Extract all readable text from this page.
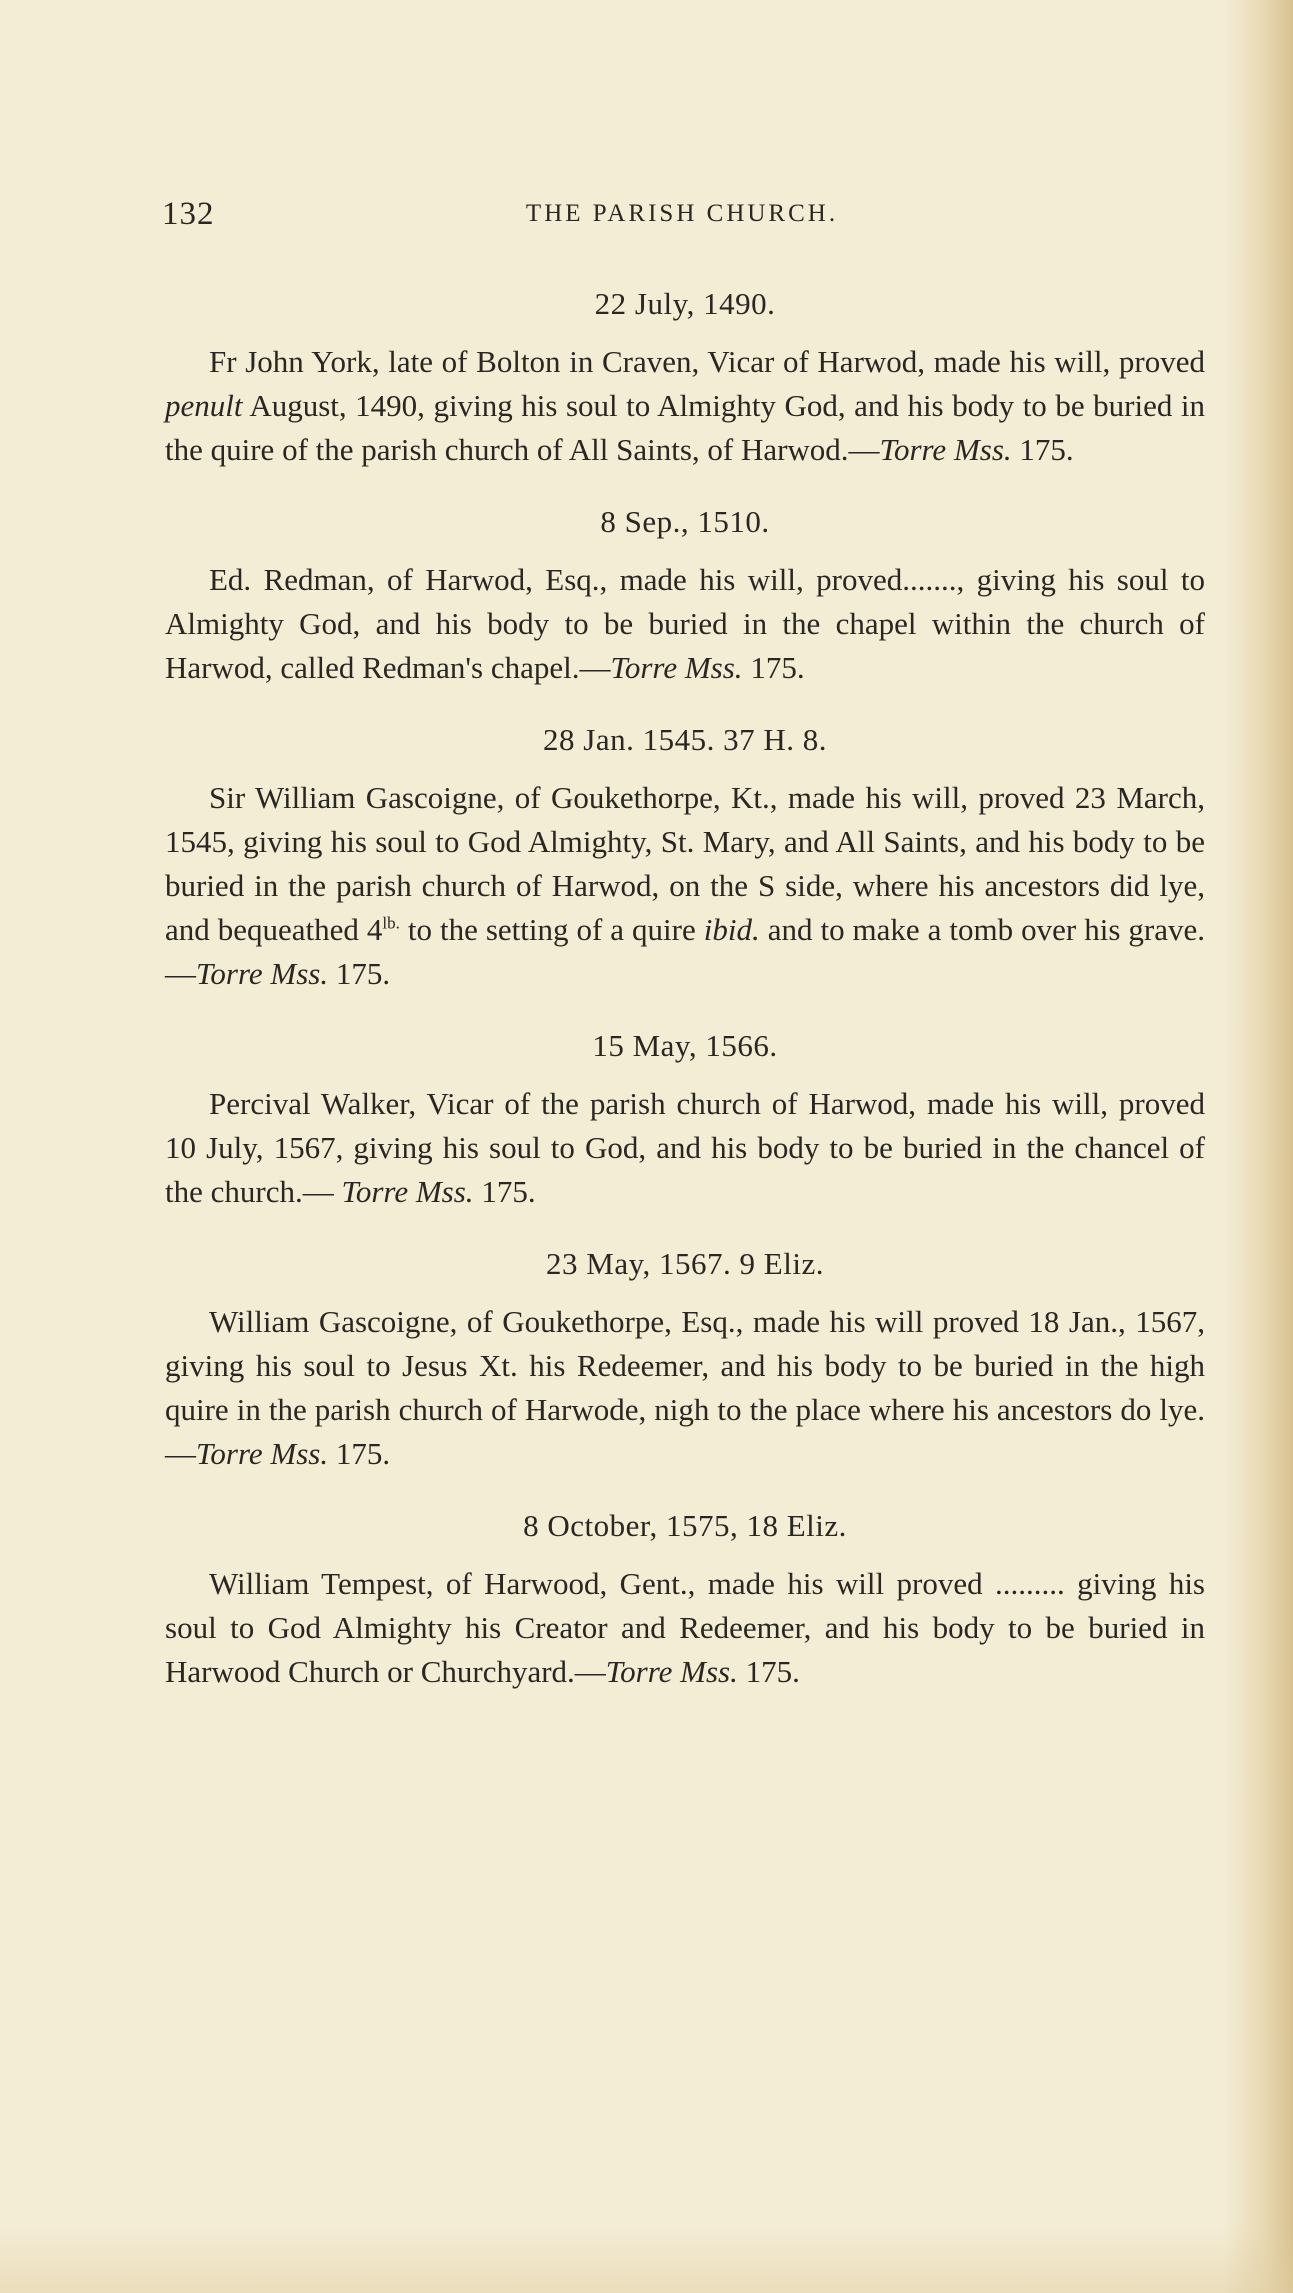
132	THE PARISH CHURCH.
22 July, 1490.

Fr John York, late of Bolton in Craven, Vicar of Harwod, made his will, proved penult August, 1490, giving his soul to Almighty God, and his body to be buried in the quire of the parish church of All Saints, of Harwod.—Torre Mss. 175.

8 Sep., 1510.

Ed. Redman, of Harwod, Esq., made his will, proved......., giving his soul to Almighty God, and his body to be buried in the chapel within the church of Harwod, called Redman's chapel.—Torre Mss. 175.

28 Jan. 1545. 37 H. 8.

Sir William Gascoigne, of Goukethorpe, Kt., made his will, proved 23 March, 1545, giving his soul to God Almighty, St. Mary, and All Saints, and his body to be buried in the parish church of Harwod, on the S side, where his ancestors did lye, and bequeathed $4^{lb.}$ to the setting of a quire ibid. and to make a tomb over his grave.—Torre Mss. 175.

15 May, 1566.

Percival Walker, Vicar of the parish church of Harwod, made his will, proved 10 July, 1567, giving his soul to God, and his body to be buried in the chancel of the church.— Torre Mss. 175.

23 May, 1567. 9 Eliz.

William Gascoigne, of Goukethorpe, Esq., made his will proved 18 Jan., 1567, giving his soul to Jesus Xt. his Redeemer, and his body to be buried in the high quire in the parish church of Harwode, nigh to the place where his ancestors do lye.—Torre Mss. 175.

8 October, 1575, 18 Eliz.

William Tempest, of Harwood, Gent., made his will proved ......... giving his soul to God Almighty his Creator and Redeemer, and his body to be buried in Harwood Church or Churchyard.—Torre Mss. 175.
